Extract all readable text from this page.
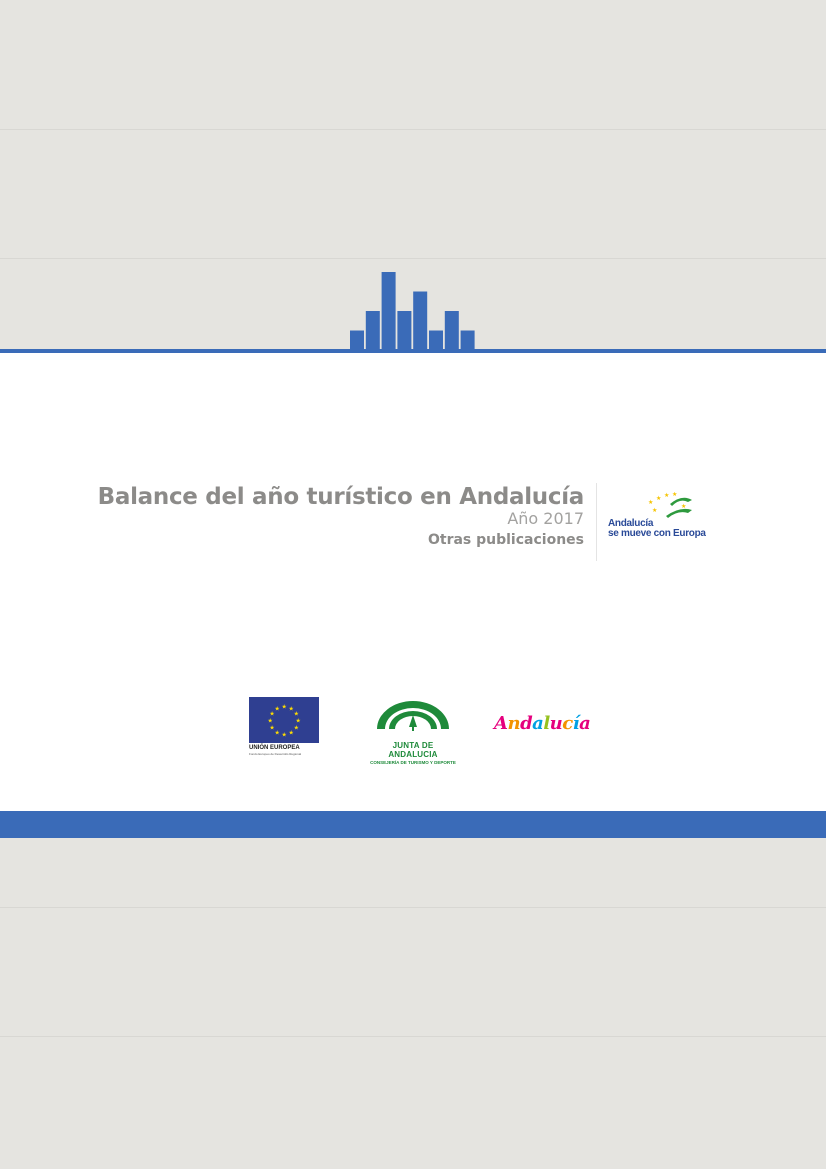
Balance del año turístico en Andalucía
Año 2017
Otras publicaciones
★
★ ★ ★
★
★
Andalucía
se mueve con Europa
★
★
★
★
★
★
★
★
★ ★ ★
★
UNIÓN EUROPEA
Fondo Europeo de Desarrollo Regional
JUNTA DE ANDALUCIA
CONSEJERÍA DE TURISMO Y DEPORTE
Andalucía
